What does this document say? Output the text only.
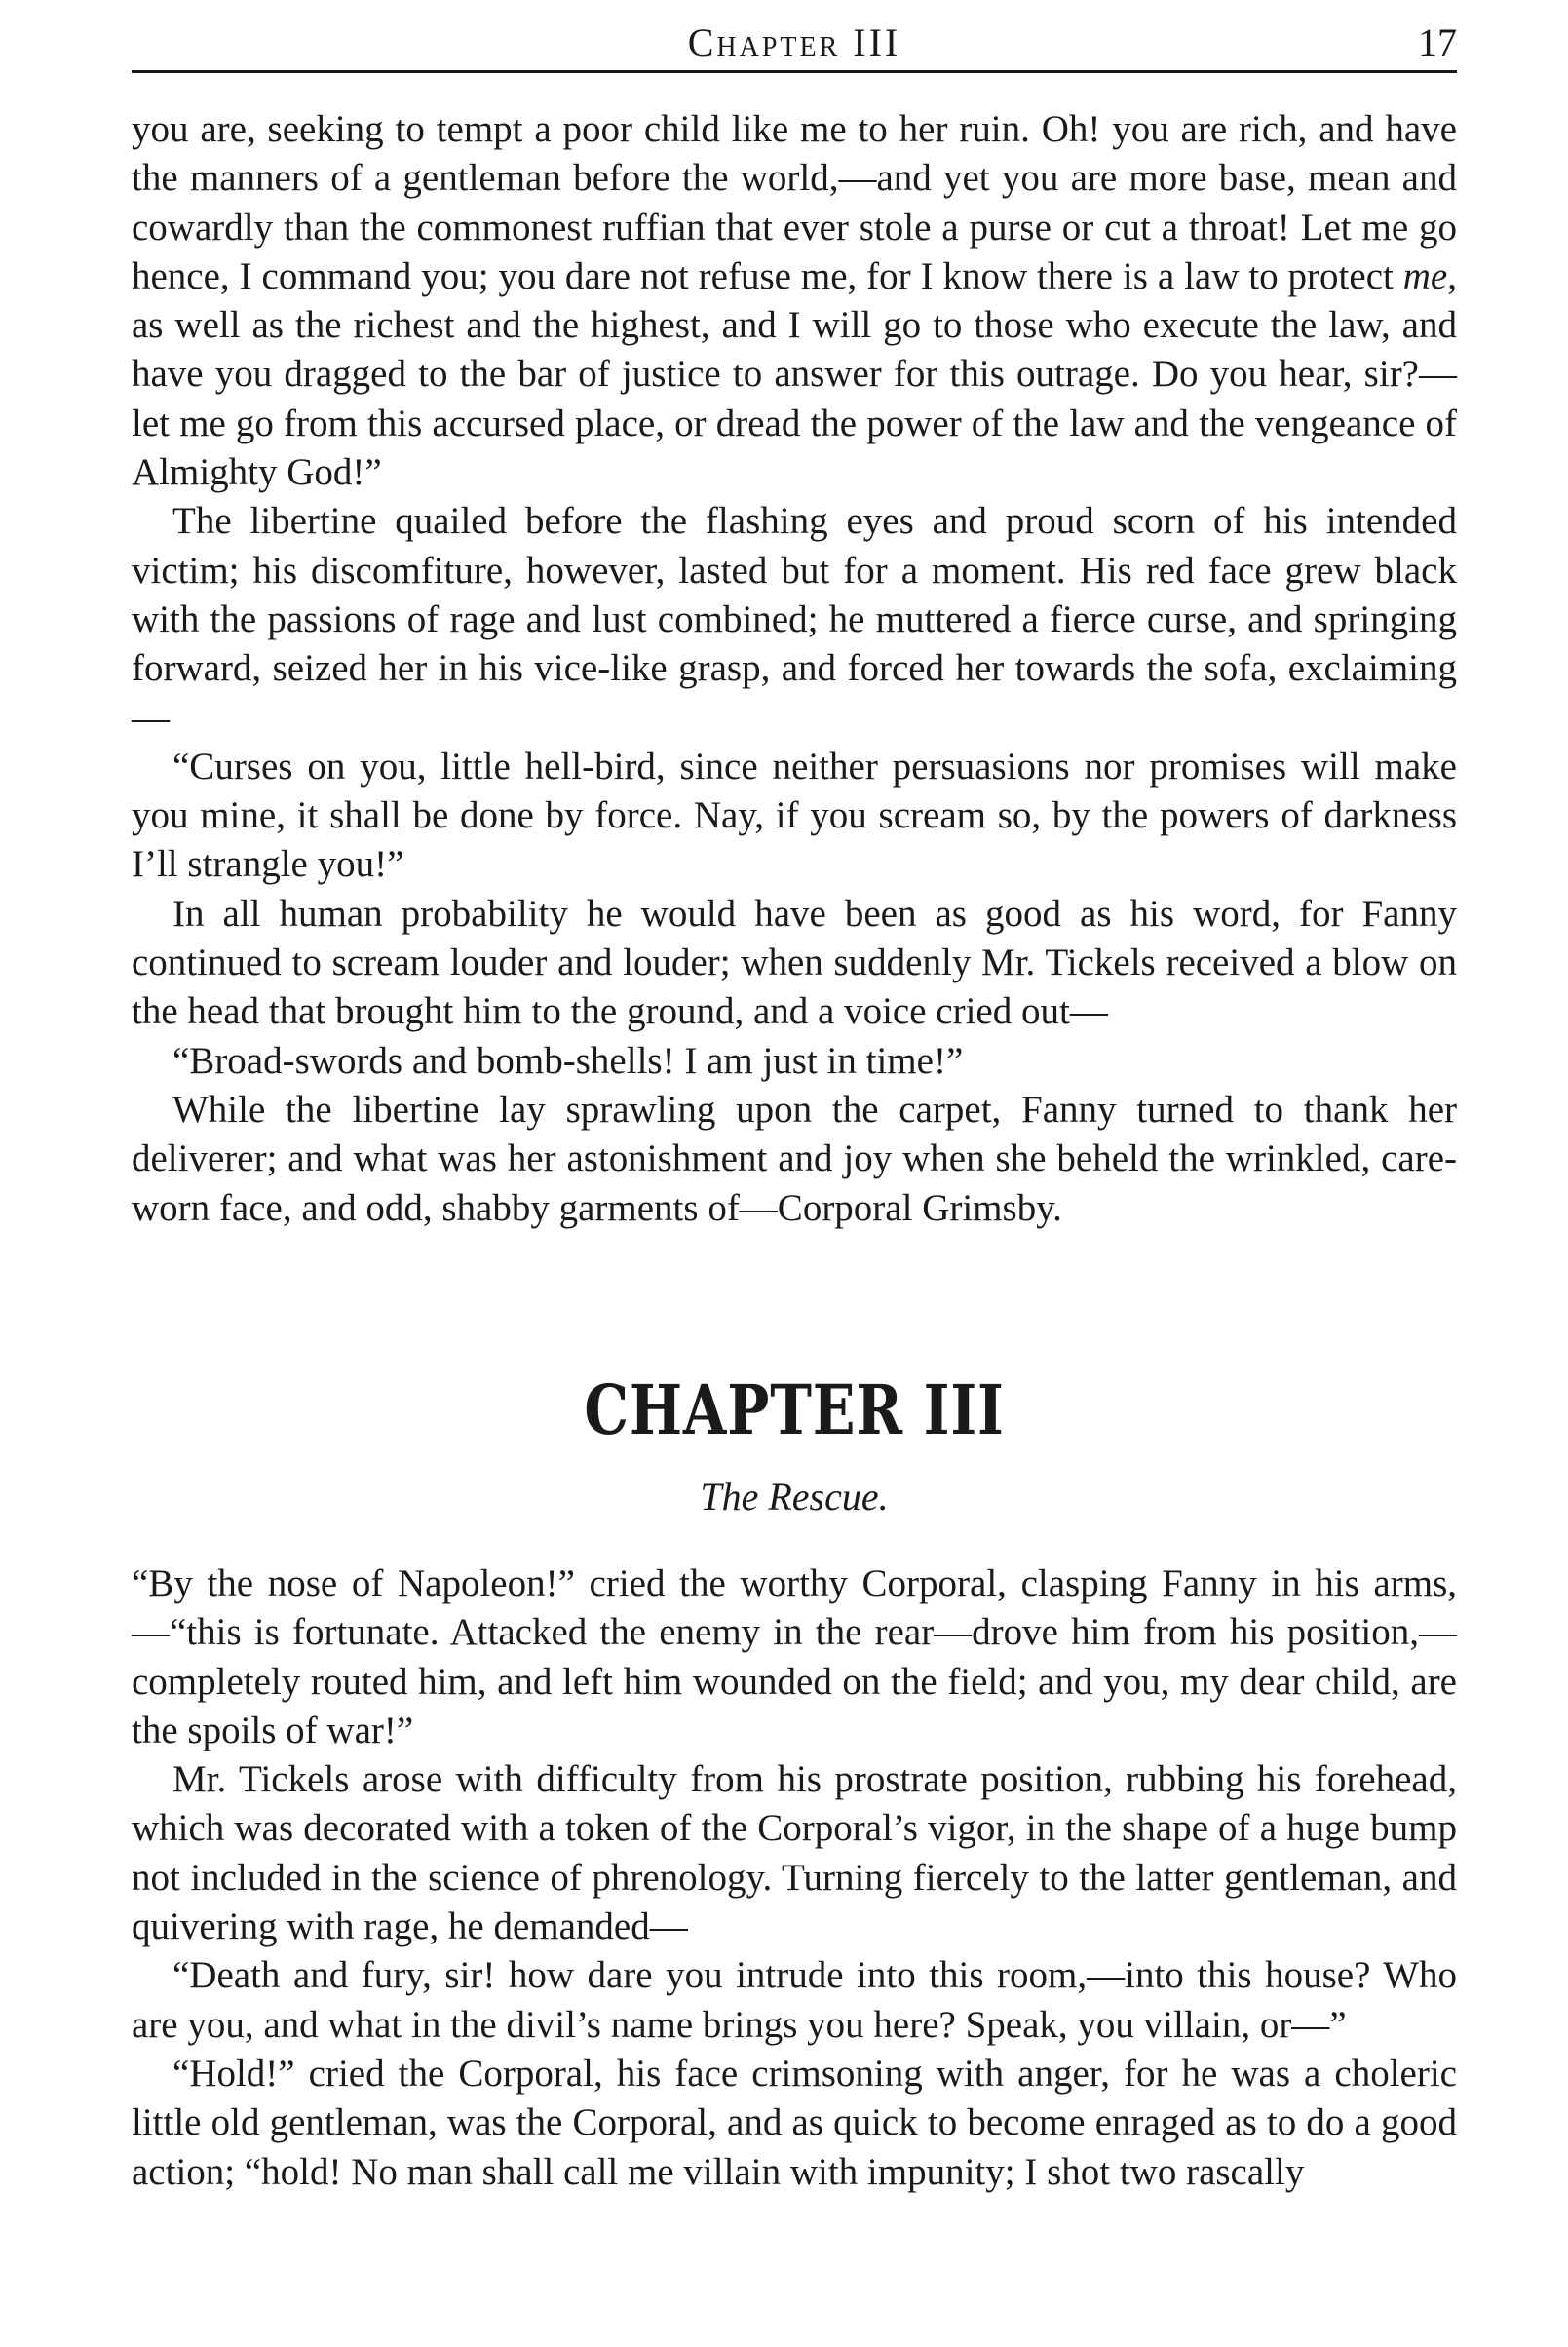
Chapter III	17

you are, seeking to tempt a poor child like me to her ruin. Oh! you are rich, and have the manners of a gentleman before the world,—and yet you are more base, mean and cowardly than the commonest ruffian that ever stole a purse or cut a throat! Let me go hence, I command you; you dare not refuse me, for I know there is a law to protect me, as well as the richest and the highest, and I will go to those who execute the law, and have you dragged to the bar of justice to answer for this outrage. Do you hear, sir?—let me go from this accursed place, or dread the power of the law and the vengeance of Almighty God!”

The libertine quailed before the flashing eyes and proud scorn of his intended victim; his discomfiture, however, lasted but for a moment. His red face grew black with the passions of rage and lust combined; he muttered a fierce curse, and springing forward, seized her in his vice-like grasp, and forced her towards the sofa, exclaiming—

“Curses on you, little hell-bird, since neither persuasions nor promises will make you mine, it shall be done by force. Nay, if you scream so, by the powers of darkness I’ll strangle you!”

In all human probability he would have been as good as his word, for Fanny continued to scream louder and louder; when suddenly Mr. Tickels received a blow on the head that brought him to the ground, and a voice cried out—

“Broad-swords and bomb-shells! I am just in time!”

While the libertine lay sprawling upon the carpet, Fanny turned to thank her deliverer; and what was her astonishment and joy when she beheld the wrinkled, care-worn face, and odd, shabby garments of—Corporal Grimsby.

CHAPTER III
The Rescue.

“By the nose of Napoleon!” cried the worthy Corporal, clasping Fanny in his arms,—“this is fortunate. Attacked the enemy in the rear—drove him from his position,—completely routed him, and left him wounded on the field; and you, my dear child, are the spoils of war!”

Mr. Tickels arose with difficulty from his prostrate position, rubbing his forehead, which was decorated with a token of the Corporal’s vigor, in the shape of a huge bump not included in the science of phrenology. Turning fiercely to the latter gentleman, and quivering with rage, he demanded—

“Death and fury, sir! how dare you intrude into this room,—into this house? Who are you, and what in the divil’s name brings you here? Speak, you villain, or—”

“Hold!” cried the Corporal, his face crimsoning with anger, for he was a choleric little old gentleman, was the Corporal, and as quick to become enraged as to do a good action; “hold! No man shall call me villain with impunity; I shot two rascally
